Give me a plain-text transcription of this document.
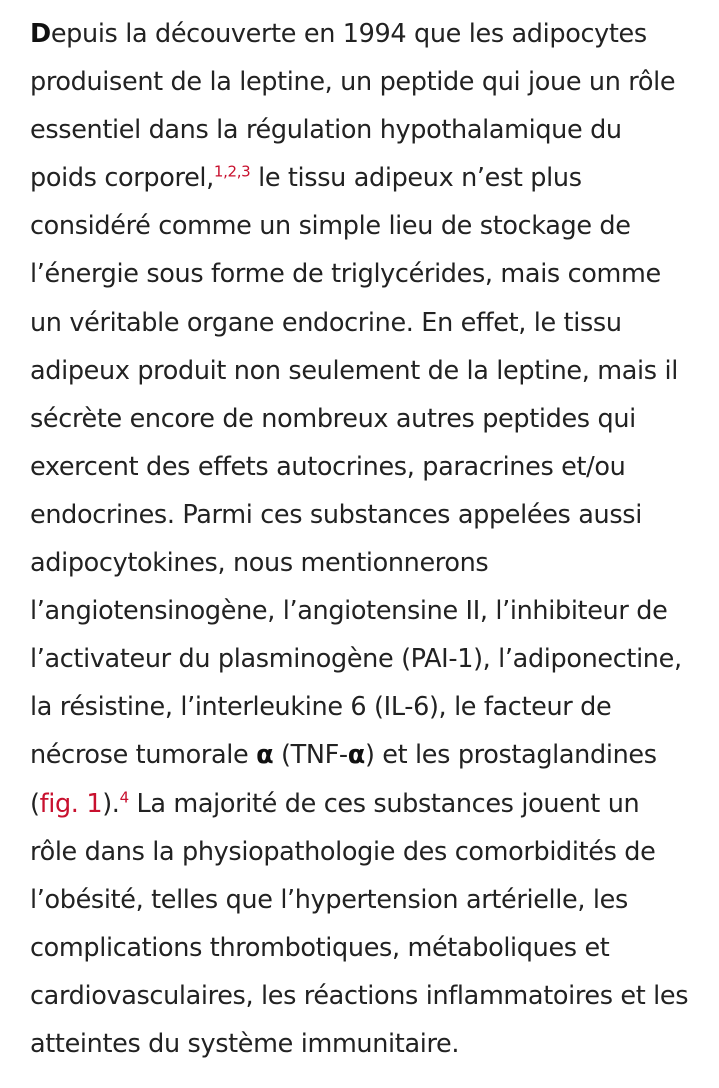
Depuis la découverte en 1994 que les adipocytes
produisent de la leptine, un peptide qui joue un rôle
essentiel dans la régulation hypothalamique du
poids corporel,$^{1,2,3}$ le tissu adipeux n’est plus
considéré comme un simple lieu de stockage de
l’énergie sous forme de triglycérides, mais comme
un véritable organe endocrine. En effet, le tissu
adipeux produit non seulement de la leptine, mais il
sécrète encore de nombreux autres peptides qui
exercent des effets autocrines, paracrines et/ou
endocrines. Parmi ces substances appelées aussi
adipocytokines, nous mentionnerons
l’angiotensinogène, l’angiotensine II, l’inhibiteur de
l’activateur du plasminogène (PAI-1), l’adiponectine,
la résistine, l’interleukine 6 (IL-6), le facteur de
nécrose tumorale α (TNF-α) et les prostaglandines
(fig. 1).$^4$ La majorité de ces substances jouent un
rôle dans la physiopathologie des comorbidités de
l’obésité, telles que l’hypertension artérielle, les
complications thrombotiques, métaboliques et
cardiovasculaires, les réactions inflammatoires et les
atteintes du système immunitaire.
